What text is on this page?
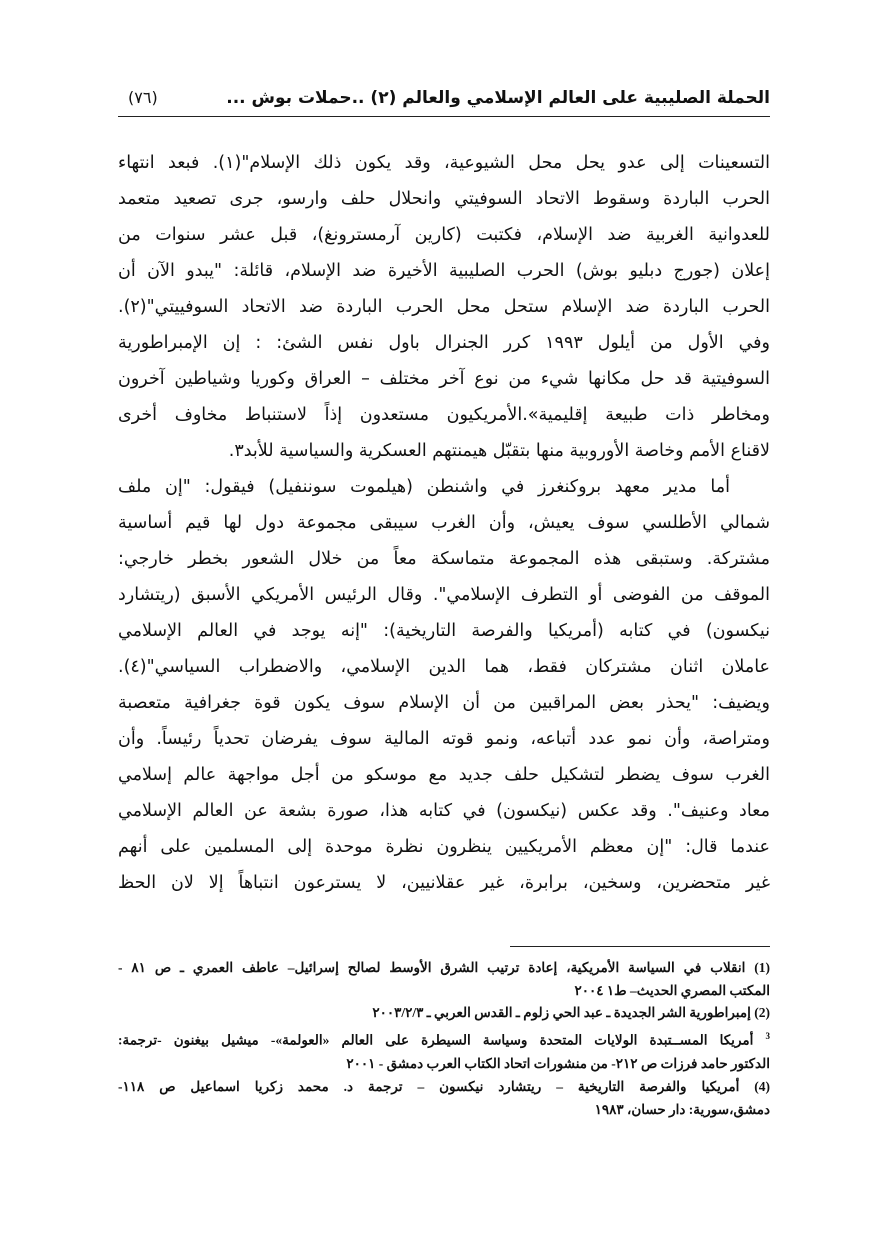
الحملة الصليبية على العالم الإسلامي والعالم (٢) ..حملات بوش ...
(٧٦)
التسعينات إلى عدو يحل محل الشيوعية، وقد يكون ذلك الإسلام"(١). فبعد انتهاء
الحرب الباردة وسقوط الاتحاد السوفيتي وانحلال حلف وارسو، جرى تصعيد متعمد
للعدوانية الغربية ضد الإسلام، فكتبت (كارين آرمسترونغ)، قبل عشر سنوات من
إعلان (جورج دبليو بوش) الحرب الصليبية الأخيرة ضد الإسلام، قائلة: "يبدو الآن أن
الحرب الباردة ضد الإسلام ستحل محل الحرب الباردة ضد الاتحاد السوفييتي"(٢).
وفي الأول من أيلول ١٩٩٣ كرر الجنرال باول نفس الشئ: : إن الإمبراطورية
السوفيتية قد حل مكانها شيء من نوع آخر مختلف – العراق وكوريا وشياطين آخرون
ومخاطر ذات طبيعة إقليمية».الأمريكيون مستعدون إذاً لاستنباط مخاوف أخرى
لاقناع الأمم وخاصة الأوروبية منها بتقبّل هيمنتهم العسكرية والسياسية للأبد٣.
أما مدير معهد بروكنغرز في واشنطن (هيلموت سوننفيل) فيقول: "إن ملف
شمالي الأطلسي سوف يعيش، وأن الغرب سيبقى مجموعة دول لها قيم أساسية
مشتركة. وستبقى هذه المجموعة متماسكة معاً من خلال الشعور بخطر خارجي:
الموقف من الفوضى أو التطرف الإسلامي". وقال الرئيس الأمريكي الأسبق (ريتشارد
نيكسون) في كتابه (أمريكيا والفرصة التاريخية): "إنه يوجد في العالم الإسلامي
عاملان اثنان مشتركان فقط، هما الدين الإسلامي، والاضطراب السياسي"(٤).
ويضيف: "يحذر بعض المراقبين من أن الإسلام سوف يكون قوة جغرافية متعصبة
ومتراصة، وأن نمو عدد أتباعه، ونمو قوته المالية سوف يفرضان تحدياً رئيساً. وأن
الغرب سوف يضطر لتشكيل حلف جديد مع موسكو من أجل مواجهة عالم إسلامي
معاد وعنيف". وقد عكس (نيكسون) في كتابه هذا، صورة بشعة عن العالم الإسلامي
عندما قال: "إن معظم الأمريكيين ينظرون نظرة موحدة إلى المسلمين على أنهم
غير متحضرين، وسخين، برابرة، غير عقلانيين، لا يسترعون انتباهاً إلا لان الحظ
(1) انقلاب في السياسة الأمريكية، إعادة ترتيب الشرق الأوسط لصالح إسرائيل– عاطف العمري ـ ص ٨١ -
المكتب المصري الحديث– ط١ ٢٠٠٤
(2) إمبراطورية الشر الجديدة ـ عبد الحي زلوم ـ القدس العربي ـ ٢٠٠٣/٢/٣
$^3$ أمريكا المســتبدة الولايات المتحدة وسياسة السيطرة على العالم «العولمة»- ميشيل بيغنون -ترجمة:
الدكتور حامد فرزات ص ٢١٢- من منشورات اتحاد الكتاب العرب دمشق - ٢٠٠١
(4) أمريكيا والفرصة التاريخية – ريتشارد نيكسون – ترجمة د. محمد زكريا اسماعيل ص ١١٨-
دمشق،سورية: دار حسان، ١٩٨٣
